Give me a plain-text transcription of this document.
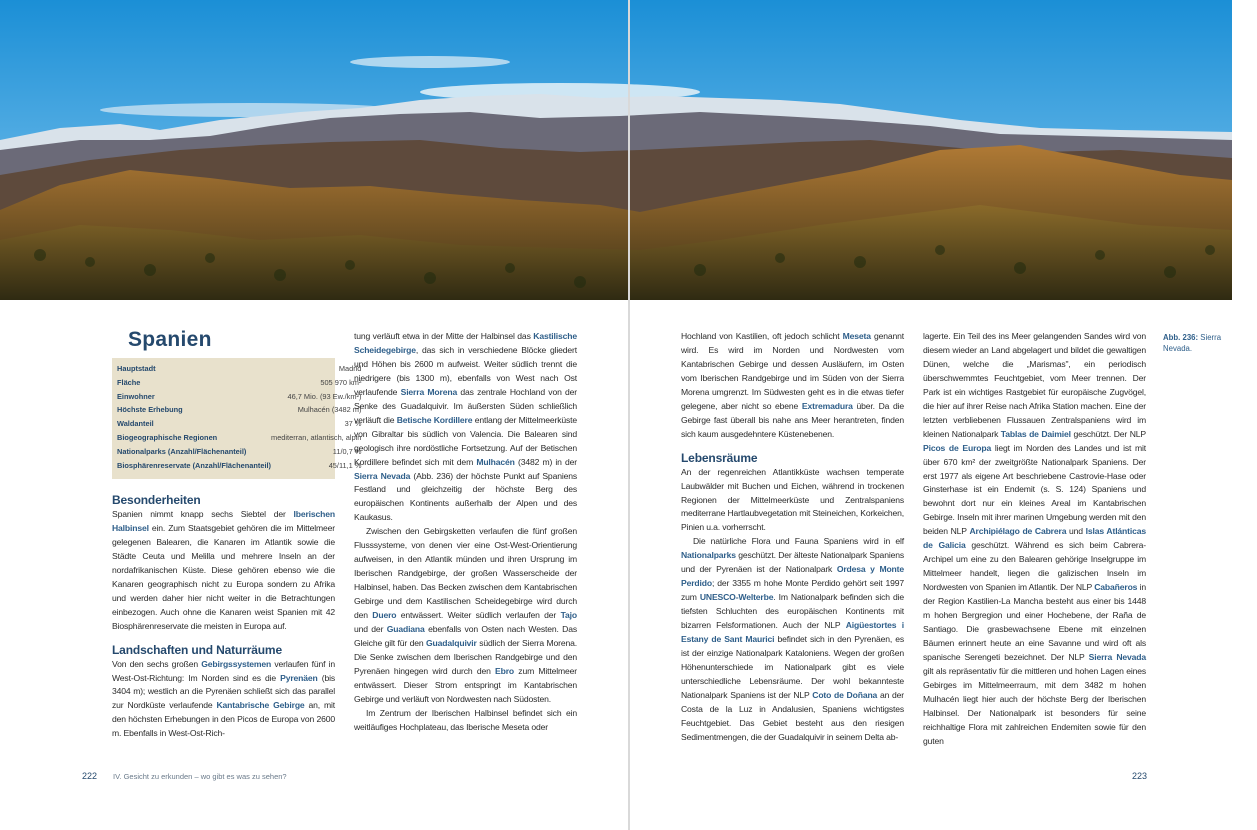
Spanien
Hauptstadt	Madrid
Fläche	505 970 km²
Einwohner	46,7 Mio. (93 Ew./km²)
Höchste Erhebung	Mulhacén (3482 m)
Waldanteil	37 %
Biogeographische Regionen	mediterran, atlantisch, alpin
Nationalparks (Anzahl/Flächenanteil)	11/0,7 %
Biosphärenreservate (Anzahl/Flächenanteil)	45/11,1 %
Besonderheiten

Spanien nimmt knapp sechs Siebtel der Iberischen Halbinsel ein. Zum Staatsgebiet gehören die im Mittelmeer gelegenen Balearen, die Kanaren im Atlantik sowie die Städte Ceuta und Melilla und mehrere Inseln an der nordafrikanischen Küste. Diese gehören ebenso wie die Kanaren geographisch nicht zu Europa sondern zu Afrika und werden daher hier nicht weiter in die Betrachtungen einbezogen. Auch ohne die Kanaren weist Spanien mit 42 Biosphärenreservate die meisten in Europa auf.

Landschaften und Naturräume

Von den sechs großen Gebirgssystemen verlaufen fünf in West-Ost-Richtung: Im Norden sind es die Pyrenäen (bis 3404 m); westlich an die Pyrenäen schließt sich das parallel zur Nordküste verlaufende Kantabrische Gebirge an, mit den höchsten Erhebungen in den Picos de Europa von 2600 m. Ebenfalls in West-Ost-Rich-

tung verläuft etwa in der Mitte der Halbinsel das Kastilische Scheidegebirge, das sich in verschiedene Blöcke gliedert und Höhen bis 2600 m aufweist. Weiter südlich trennt die niedrigere (bis 1300 m), ebenfalls von West nach Ost verlaufende Sierra Morena das zentrale Hochland von der Senke des Guadalquivir. Im äußersten Süden schließlich verläuft die Betische Kordillere entlang der Mittelmeerküste von Gibraltar bis südlich von Valencia. Die Balearen sind geologisch ihre nordöstliche Fortsetzung. Auf der Betischen Kordillere befindet sich mit dem Mulhacén (3482 m) in der Sierra Nevada (Abb. 236) der höchste Punkt auf Spaniens Festland und gleichzeitig der höchste Berg des europäischen Kontinents außerhalb der Alpen und des Kaukasus.

Zwischen den Gebirgsketten verlaufen die fünf großen Flusssysteme, von denen vier eine Ost-West-Orientierung aufweisen, in den Atlantik münden und ihren Ursprung im Iberischen Randgebirge, der großen Wasserscheide der Halbinsel, haben. Das Becken zwischen dem Kantabrischen Gebirge und dem Kastilischen Scheidegebirge wird durch den Duero entwässert. Weiter südlich verlaufen der Tajo und der Guadiana ebenfalls von Osten nach Westen. Das Gleiche gilt für den Guadalquivir südlich der Sierra Morena. Die Senke zwischen dem Iberischen Randgebirge und den Pyrenäen hingegen wird durch den Ebro zum Mittelmeer entwässert. Dieser Strom entspringt im Kantabrischen Gebirge und verläuft von Nordwesten nach Südosten.

Im Zentrum der Iberischen Halbinsel befindet sich ein weitläufiges Hochplateau, das Iberische Meseta oder

Hochland von Kastilien, oft jedoch schlicht Meseta genannt wird. Es wird im Norden und Nordwesten vom Kantabrischen Gebirge und dessen Ausläufern, im Osten vom Iberischen Randgebirge und im Süden von der Sierra Morena umgrenzt. Im Südwesten geht es in die etwas tiefer gelegene, aber nicht so ebene Extremadura über. Da die Gebirge fast überall bis nahe ans Meer herantreten, finden sich kaum ausgedehntere Küstenebenen.

Lebensräume

An der regenreichen Atlantikküste wachsen temperate Laubwälder mit Buchen und Eichen, während in trockenen Regionen der Mittelmeerküste und Zentralspaniens mediterrane Hartlaubvegetation mit Steineichen, Korkeichen, Pinien u.a. vorherrscht.

Die natürliche Flora und Fauna Spaniens wird in elf Nationalparks geschützt. Der älteste Nationalpark Spaniens und der Pyrenäen ist der Nationalpark Ordesa y Monte Perdido; der 3355 m hohe Monte Perdido gehört seit 1997 zum UNESCO-Welterbe. Im Nationalpark befinden sich die tiefsten Schluchten des europäischen Kontinents mit bizarren Felsformationen. Auch der NLP Aigüestortes i Estany de Sant Maurici befindet sich in den Pyrenäen, es ist der einzige Nationalpark Kataloniens. Wegen der großen Höhenunterschiede im Nationalpark gibt es viele unterschiedliche Lebensräume. Der wohl bekannteste Nationalpark Spaniens ist der NLP Coto de Doñana an der Costa de la Luz in Andalusien, Spaniens wichtigstes Feuchtgebiet. Das Gebiet besteht aus den riesigen Sedimentmengen, die der Guadalquivir in seinem Delta ab-

lagerte. Ein Teil des ins Meer gelangenden Sandes wird von diesem wieder an Land abgelagert und bildet die gewaltigen Dünen, welche die „Marismas", ein periodisch überschwemmtes Feuchtgebiet, vom Meer trennen. Der Park ist ein wichtiges Rastgebiet für europäische Zugvögel, die hier auf ihrer Reise nach Afrika Station machen. Eine der letzten verbliebenen Flussauen Zentralspaniens wird im kleinen Nationalpark Tablas de Daimiel geschützt. Der NLP Picos de Europa liegt im Norden des Landes und ist mit über 670 km² der zweitgrößte Nationalpark Spaniens. Der erst 1977 als eigene Art beschriebene Castrovie-Hase oder Ginsterhase ist ein Endemit (s. S. 124) Spaniens und bewohnt dort nur ein kleines Areal im Kantabrischen Gebirge. Inseln mit ihrer marinen Umgebung werden mit den beiden NLP Archipiélago de Cabrera und Islas Atlánticas de Galicia geschützt. Während es sich beim Cabrera-Archipel um eine zu den Balearen gehörige Inselgruppe im Mittelmeer handelt, liegen die galizischen Inseln im Nordwesten von Spanien im Atlantik. Der NLP Cabañeros in der Region Kastilien-La Mancha besteht aus einer bis 1448 m hohen Bergregion und einer Hochebene, der Raña de Santiago. Die grasbewachsene Ebene mit einzelnen Bäumen erinnert heute an eine Savanne und wird oft als spanische Serengeti bezeichnet. Der NLP Sierra Nevada gilt als repräsentativ für die mittleren und hohen Lagen eines Gebirges im Mittelmeerraum, mit dem 3482 m hohen Mulhacén liegt hier auch der höchste Berg der Iberischen Halbinsel. Der Nationalpark ist besonders für seine reichhaltige Flora mit zahlreichen Endemiten sowie für den guten

Abb. 236: Sierra Nevada.
222 IV. Gesicht zu erkunden – wo gibt es was zu sehen?	223
